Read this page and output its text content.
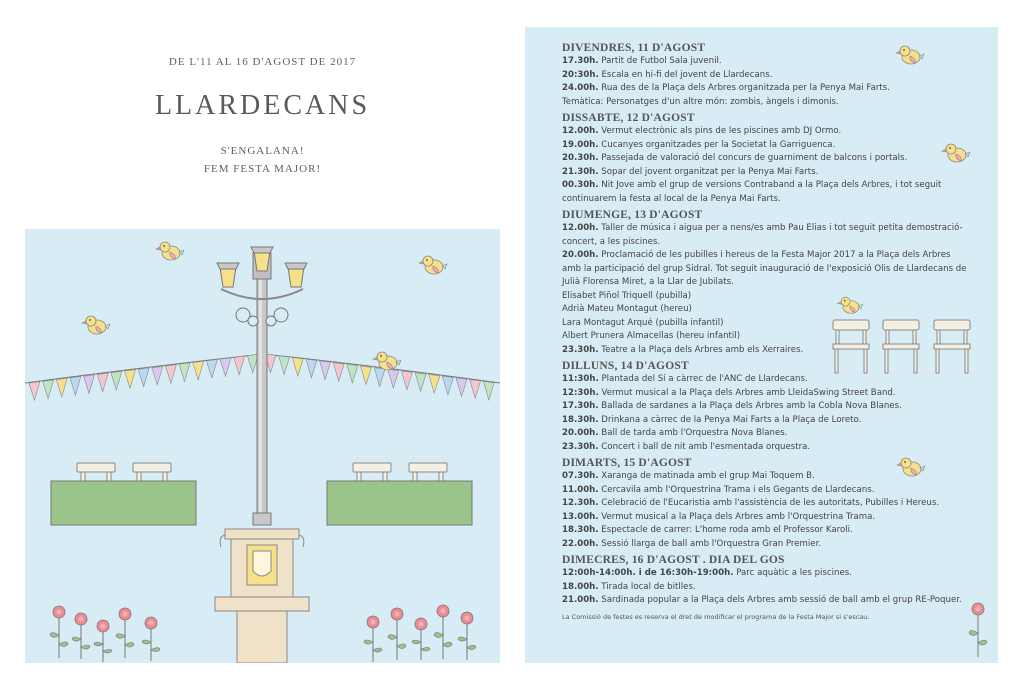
DE L'11 AL 16 D'AGOST DE 2017
LLARDECANS
S'ENGALANA!
FEM FESTA MAJOR!
DIVENDRES, 11 D'AGOST
17.30h. Partit de Futbol Sala juvenil.
20:30h. Escala en hi-fi del jovent de Llardecans.
24.00h. Rua des de la Plaça dels Arbres organitzada per la Penya Mai Farts.
Temàtica: Personatges d'un altre món: zombis, àngels i dimonis.
DISSABTE, 12 D'AGOST
12.00h. Vermut electrònic als pins de les piscines amb DJ Ormo.
19.00h. Cucanyes organitzades per la Societat la Garriguenca.
20.30h. Passejada de valoració del concurs de guarniment de balcons i portals.
21.30h. Sopar del jovent organitzat per la Penya Mai Farts.
00.30h. Nit Jove amb el grup de versions Contraband a la Plaça dels Arbres, i tot seguit continuarem la festa al local de la Penya Mai Farts.
DIUMENGE, 13 D'AGOST
12.00h. Taller de música i aigua per a nens/es amb Pau Elias i tot seguit petita demostració-concert, a les piscines.
20.00h. Proclamació de les pubilles i hereus de la Festa Major 2017 a la Plaça dels Arbres amb la participació del grup Sidral. Tot seguit inauguració de l'exposició Olis de Llardecans de Julià Florensa Miret, a la Llar de Jubilats.
Elisabet Piñol Triquell (pubilla)
Adrià Mateu Montagut (hereu)
Lara Montagut Arqué (pubilla infantil)
Albert Prunera Almacellas (hereu infantil)
23.30h. Teatre a la Plaça dels Arbres amb els Xerraires.
DILLUNS, 14 D'AGOST
11:30h. Plantada del Sí a càrrec de l'ANC de Llardecans.
12:30h. Vermut musical a la Plaça dels Arbres amb LleidaSwing Street Band.
17.30h. Ballada de sardanes a la Plaça dels Arbres amb la Cobla Nova Blanes.
18.30h. Drinkana a càrrec de la Penya Mai Farts a la Plaça de Loreto.
20.00h. Ball de tarda amb l'Orquestra Nova Blanes.
23.30h. Concert i ball de nit amb l'esmentada orquestra.
DIMARTS, 15 D'AGOST
07.30h. Xaranga de matinada amb el grup Mai Toquem B.
11.00h. Cercavila amb l'Orquestrina Trama i els Gegants de Llardecans.
12.30h. Celebració de l'Eucaristia amb l'assistència de les autoritats, Pubilles i Hereus.
13.00h. Vermut musical a la Plaça dels Arbres amb l'Orquestrina Trama.
18.30h. Espectacle de carrer: L'home roda amb el Professor Karoli.
22.00h. Sessió llarga de ball amb l'Orquestra Gran Premier.
DIMECRES, 16 D'AGOST . DIA DEL GOS
12:00h-14:00h. i de 16:30h-19:00h. Parc aquàtic a les piscines.
18.00h. Tirada local de bitlles.
21.00h. Sardinada popular a la Plaça dels Arbres amb sessió de ball amb el grup RE-Poquer.
La Comissió de festes es reserva el dret de modificar el programa de la Festa Major si s'escau.
